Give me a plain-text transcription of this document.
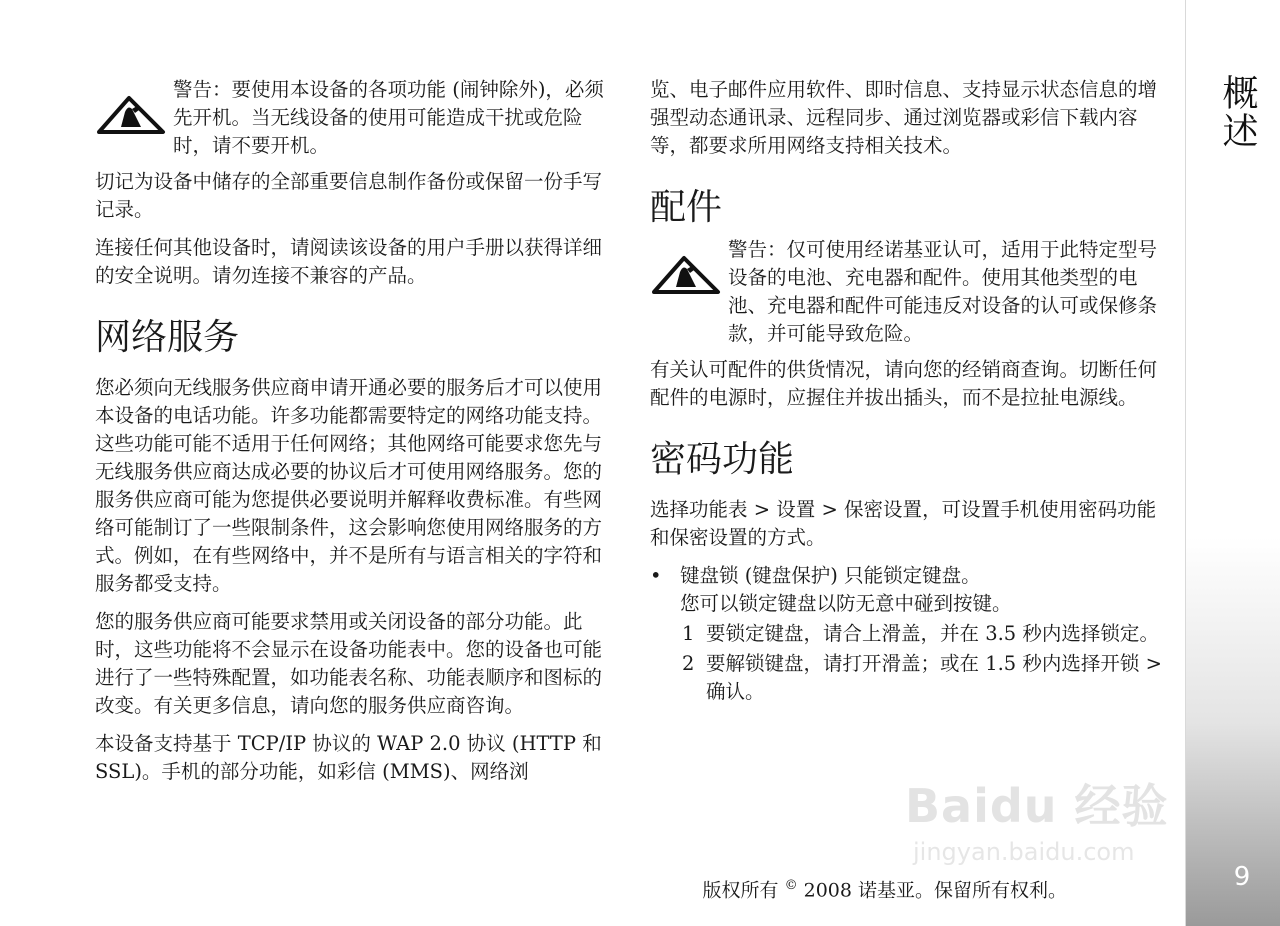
警告：要使用本设备的各项功能 (闹钟除外)，必须先开机。当无线设备的使用可能造成干扰或危险时，请不要开机。

切记为设备中储存的全部重要信息制作备份或保留一份手写记录。

连接任何其他设备时，请阅读该设备的用户手册以获得详细的安全说明。请勿连接不兼容的产品。

网络服务

您必须向无线服务供应商申请开通必要的服务后才可以使用本设备的电话功能。许多功能都需要特定的网络功能支持。这些功能可能不适用于任何网络；其他网络可能要求您先与无线服务供应商达成必要的协议后才可使用网络服务。您的服务供应商可能为您提供必要说明并解释收费标准。有些网络可能制订了一些限制条件，这会影响您使用网络服务的方式。例如，在有些网络中，并不是所有与语言相关的字符和服务都受支持。

您的服务供应商可能要求禁用或关闭设备的部分功能。此时，这些功能将不会显示在设备功能表中。您的设备也可能进行了一些特殊配置，如功能表名称、功能表顺序和图标的改变。有关更多信息，请向您的服务供应商咨询。

本设备支持基于 TCP/IP 协议的 WAP 2.0 协议 (HTTP 和 SSL)。手机的部分功能，如彩信 (MMS)、网络浏

览、电子邮件应用软件、即时信息、支持显示状态信息的增强型动态通讯录、远程同步、通过浏览器或彩信下载内容等，都要求所用网络支持相关技术。

配件

警告：仅可使用经诺基亚认可，适用于此特定型号设备的电池、充电器和配件。使用其他类型的电池、充电器和配件可能违反对设备的认可或保修条款，并可能导致危险。

有关认可配件的供货情况，请向您的经销商查询。切断任何配件的电源时，应握住并拔出插头，而不是拉扯电源线。

密码功能

选择功能表 > 设置 > 保密设置，可设置手机使用密码功能和保密设置的方式。

• 键盘锁 (键盘保护) 只能锁定键盘。

您可以锁定键盘以防无意中碰到按键。

1 要锁定键盘，请合上滑盖，并在 3.5 秒内选择锁定。

2 要解锁键盘，请打开滑盖；或在 1.5 秒内选择开锁 > 确认。

版权所有 © 2008 诺基亚。保留所有权利。
概述
9
Baidu 经验
jingyan.baidu.com
